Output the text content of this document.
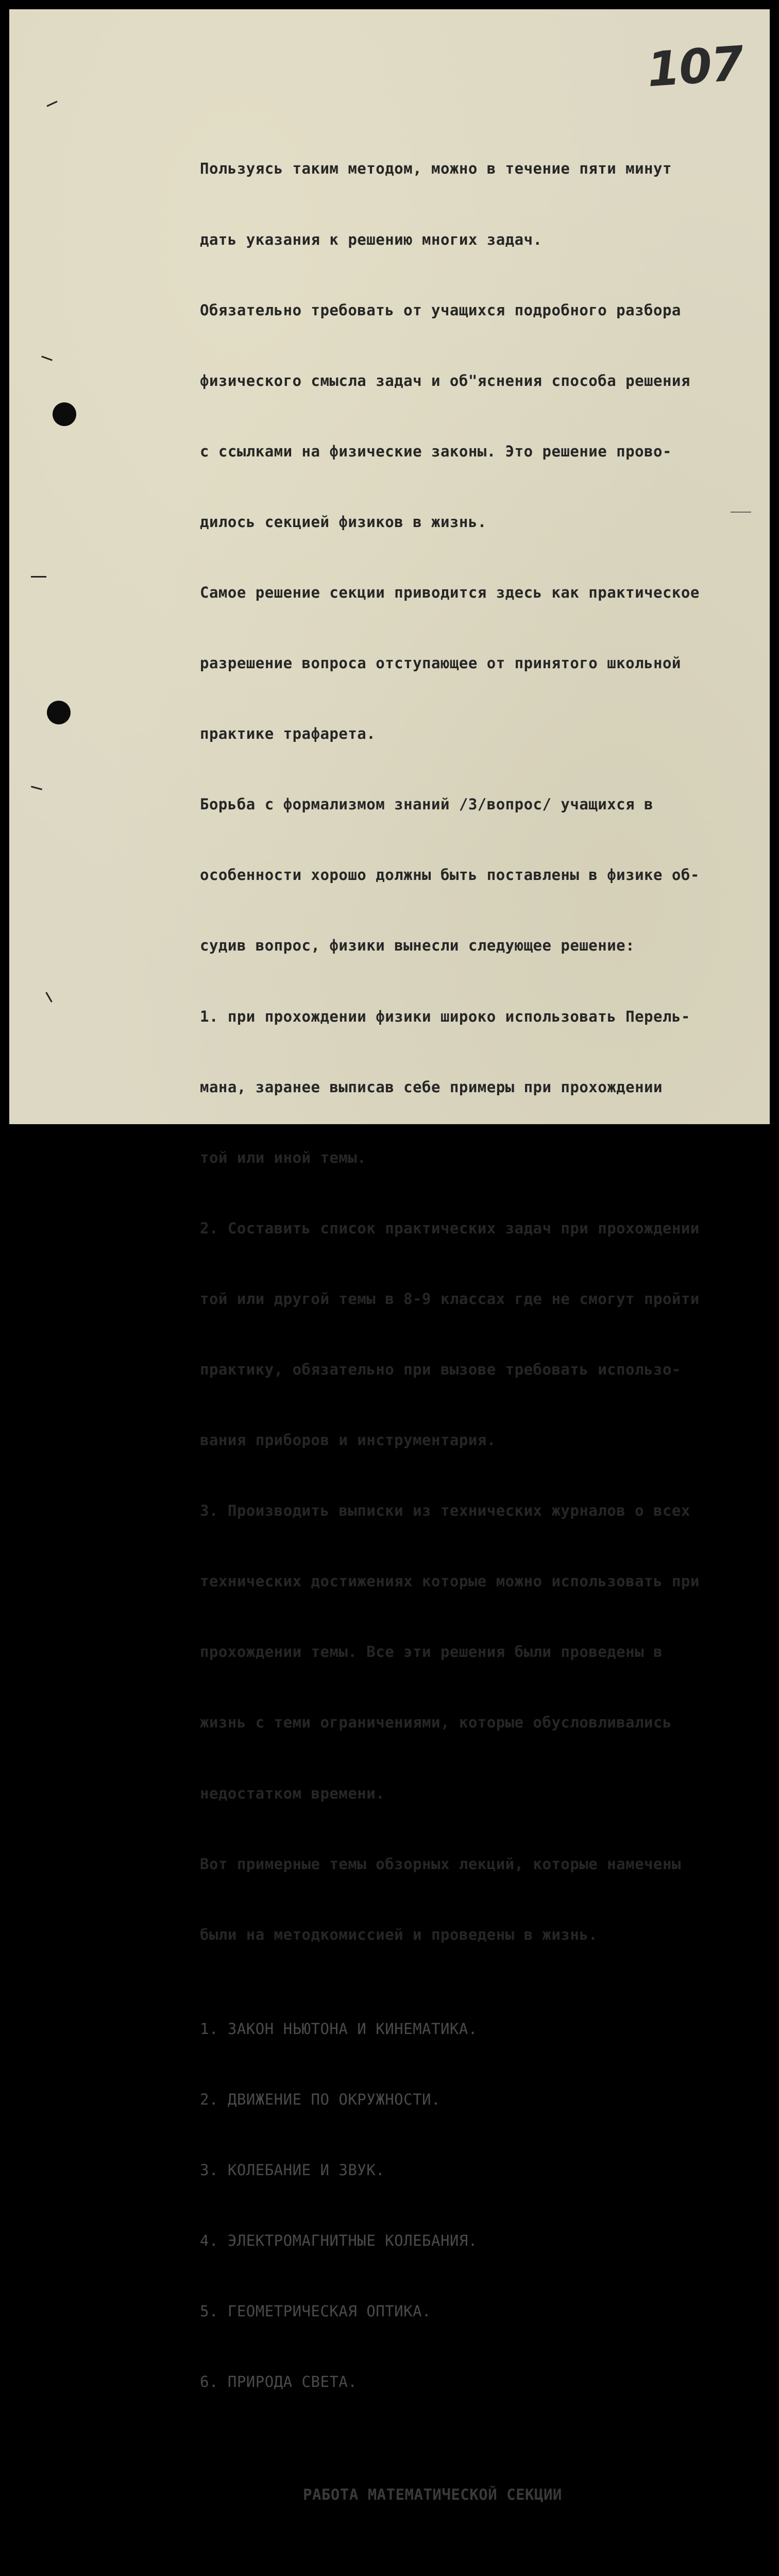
107

Пользуясь таким методом, можно в течение пяти минут

дать указания к решению многих задач.

Обязательно требовать от учащихся подробного разбора

физического смысла задач и об"яснения способа решения

с ссылками на физические законы. Это решение прово-

дилось секцией физиков в жизнь.

Самое решение секции приводится здесь как практическое

разрешение вопроса отступающее от принятого школьной

практике трафарета.

Борьба с формализмом знаний /3/вопрос/ учащихся в

особенности хорошо должны быть поставлены в физике об-

судив вопрос, физики вынесли следующее решение:

1. при прохождении физики широко использовать Перель-

мана, заранее выписав себе примеры при прохождении

той или иной темы.

2. Составить список практических задач при прохождении

той или другой темы в 8-9 классах где не смогут пройти

практику, обязательно при вызове требовать использо-

вания приборов и инструментария.

3. Производить выписки из технических журналов о всех

технических достижениях которые можно использовать при

прохождении темы. Все эти решения были проведены в

жизнь с теми ограничениями, которые обусловливались

недостатком времени.

Вот примерные темы обзорных лекций, которые намечены

были на методкомиссией и проведены в жизнь.

1. ЗАКОН НЬЮТОНА И КИНЕМАТИКА.

2. ДВИЖЕНИЕ ПО ОКРУЖНОСТИ.

3. КОЛЕБАНИЕ И ЗВУК.

4. ЭЛЕКТРОМАГНИТНЫЕ КОЛЕБАНИЯ.

5. ГЕОМЕТРИЧЕСКАЯ ОПТИКА.

6. ПРИРОДА СВЕТА.

РАБОТА МАТЕМАТИЧЕСКОЙ СЕКЦИИ
